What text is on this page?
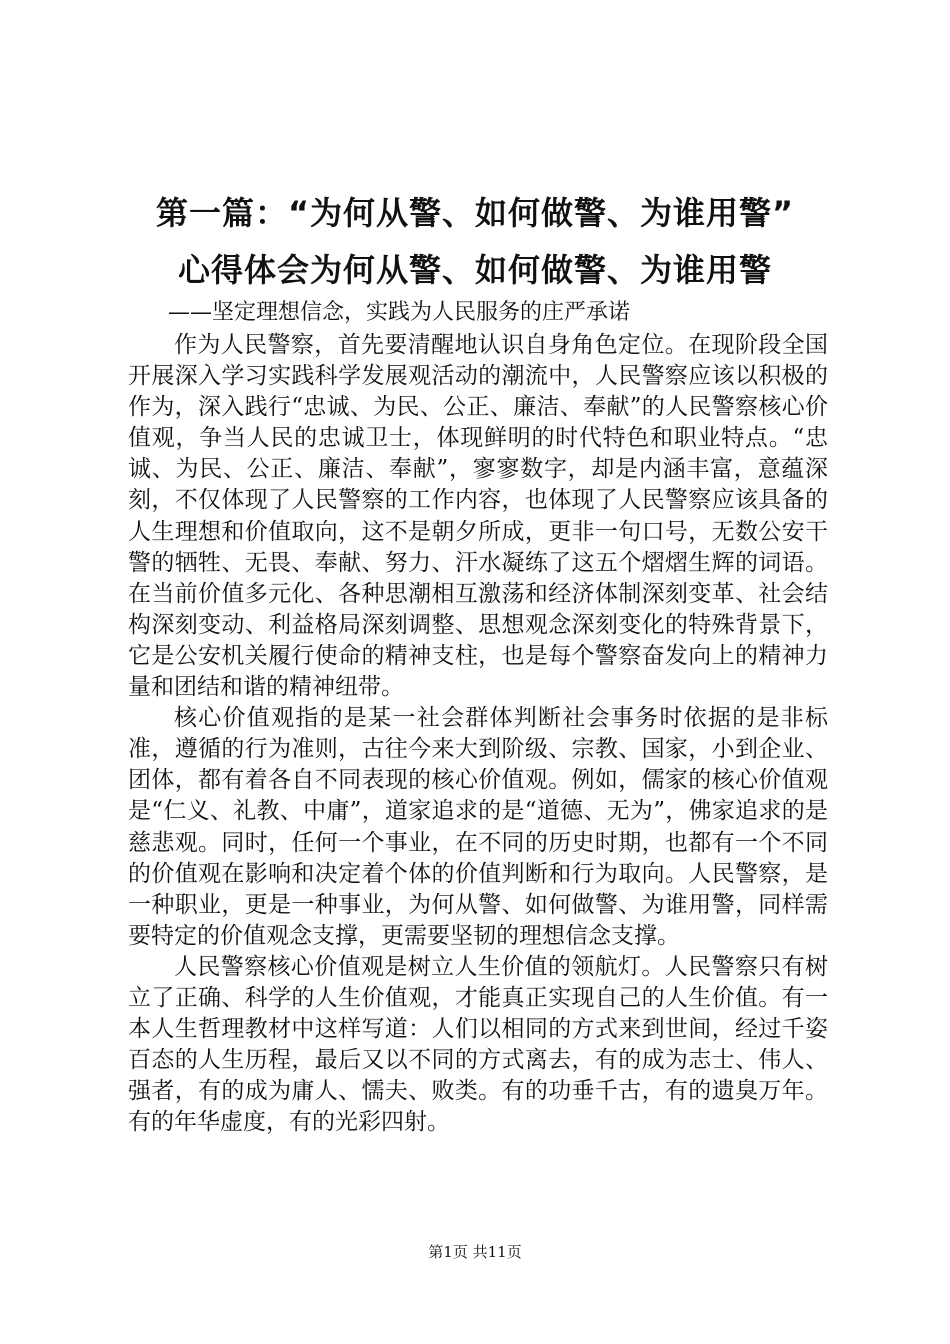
第一篇：“为何从警、如何做警、为谁用警”
心得体会为何从警、如何做警、为谁用警
——坚定理想信念，实践为人民服务的庄严承诺

作为人民警察，首先要清醒地认识自身角色定位。在现阶段全国开展深入学习实践科学发展观活动的潮流中，人民警察应该以积极的作为，深入践行“忠诚、为民、公正、廉洁、奉献”的人民警察核心价值观，争当人民的忠诚卫士，体现鲜明的时代特色和职业特点。“忠诚、为民、公正、廉洁、奉献”，寥寥数字，却是内涵丰富，意蕴深刻，不仅体现了人民警察的工作内容，也体现了人民警察应该具备的人生理想和价值取向，这不是朝夕所成，更非一句口号，无数公安干警的牺牲、无畏、奉献、努力、汗水凝练了这五个熠熠生辉的词语。在当前价值多元化、各种思潮相互激荡和经济体制深刻变革、社会结构深刻变动、利益格局深刻调整、思想观念深刻变化的特殊背景下，它是公安机关履行使命的精神支柱，也是每个警察奋发向上的精神力量和团结和谐的精神纽带。

核心价值观指的是某一社会群体判断社会事务时依据的是非标准，遵循的行为准则，古往今来大到阶级、宗教、国家，小到企业、团体，都有着各自不同表现的核心价值观。例如，儒家的核心价值观是“仁义、礼教、中庸”，道家追求的是“道德、无为”，佛家追求的是慈悲观。同时，任何一个事业，在不同的历史时期，也都有一个不同的价值观在影响和决定着个体的价值判断和行为取向。人民警察，是一种职业，更是一种事业，为何从警、如何做警、为谁用警，同样需要特定的价值观念支撑，更需要坚韧的理想信念支撑。

人民警察核心价值观是树立人生价值的领航灯。人民警察只有树立了正确、科学的人生价值观，才能真正实现自己的人生价值。有一本人生哲理教材中这样写道：人们以相同的方式来到世间，经过千姿百态的人生历程，最后又以不同的方式离去，有的成为志士、伟人、强者，有的成为庸人、懦夫、败类。有的功垂千古，有的遗臭万年。有的年华虚度，有的光彩四射。

第1页 共11页
